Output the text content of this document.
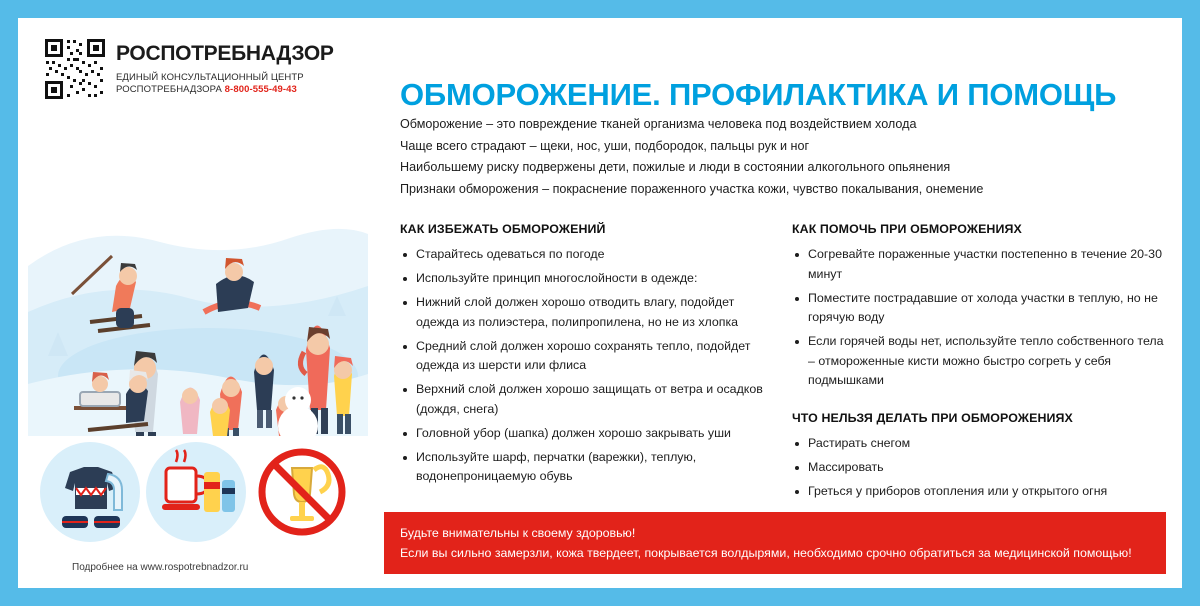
РОСПОТРЕБНАДЗОР
ЕДИНЫЙ КОНСУЛЬТАЦИОННЫЙ ЦЕНТР
РОСПОТРЕБНАДЗОРА 8-800-555-49-43
Подробнее на www.rospotrebnadzor.ru
ОБМОРОЖЕНИЕ. ПРОФИЛАКТИКА И ПОМОЩЬ
Обморожение – это повреждение тканей организма человека под воздействием холода
Чаще всего страдают – щеки, нос, уши, подбородок, пальцы рук и ног
Наибольшему риску подвержены дети, пожилые и люди в состоянии алкогольного опьянения
Признаки обморожения – покраснение пораженного участка кожи, чувство покалывания, онемение
КАК ИЗБЕЖАТЬ ОБМОРОЖЕНИЙ
Старайтесь одеваться по погоде
Используйте принцип многослойности в одежде:
Нижний слой должен хорошо отводить влагу, подойдет одежда из полиэстера, полипропилена, но не из хлопка
Средний слой должен хорошо сохранять тепло, подойдет одежда из шерсти или флиса
Верхний слой должен хорошо защищать от ветра и осадков (дождя, снега)
Головной убор (шапка) должен хорошо закрывать уши
Используйте шарф, перчатки (варежки), теплую, водонепроницаемую обувь
КАК ПОМОЧЬ ПРИ ОБМОРОЖЕНИЯХ
Согревайте пораженные участки постепенно в течение 20-30 минут
Поместите пострадавшие от холода участки в теплую, но не горячую воду
Если горячей воды нет, используйте тепло собственного тела – отмороженные кисти можно быстро согреть у себя подмышками
ЧТО НЕЛЬЗЯ ДЕЛАТЬ ПРИ ОБМОРОЖЕНИЯХ
Растирать снегом
Массировать
Греться у приборов отопления или у открытого огня
Будьте внимательны к своему здоровью!
Если вы сильно замерзли, кожа твердеет, покрывается волдырями, необходимо срочно обратиться за медицинской помощью!
